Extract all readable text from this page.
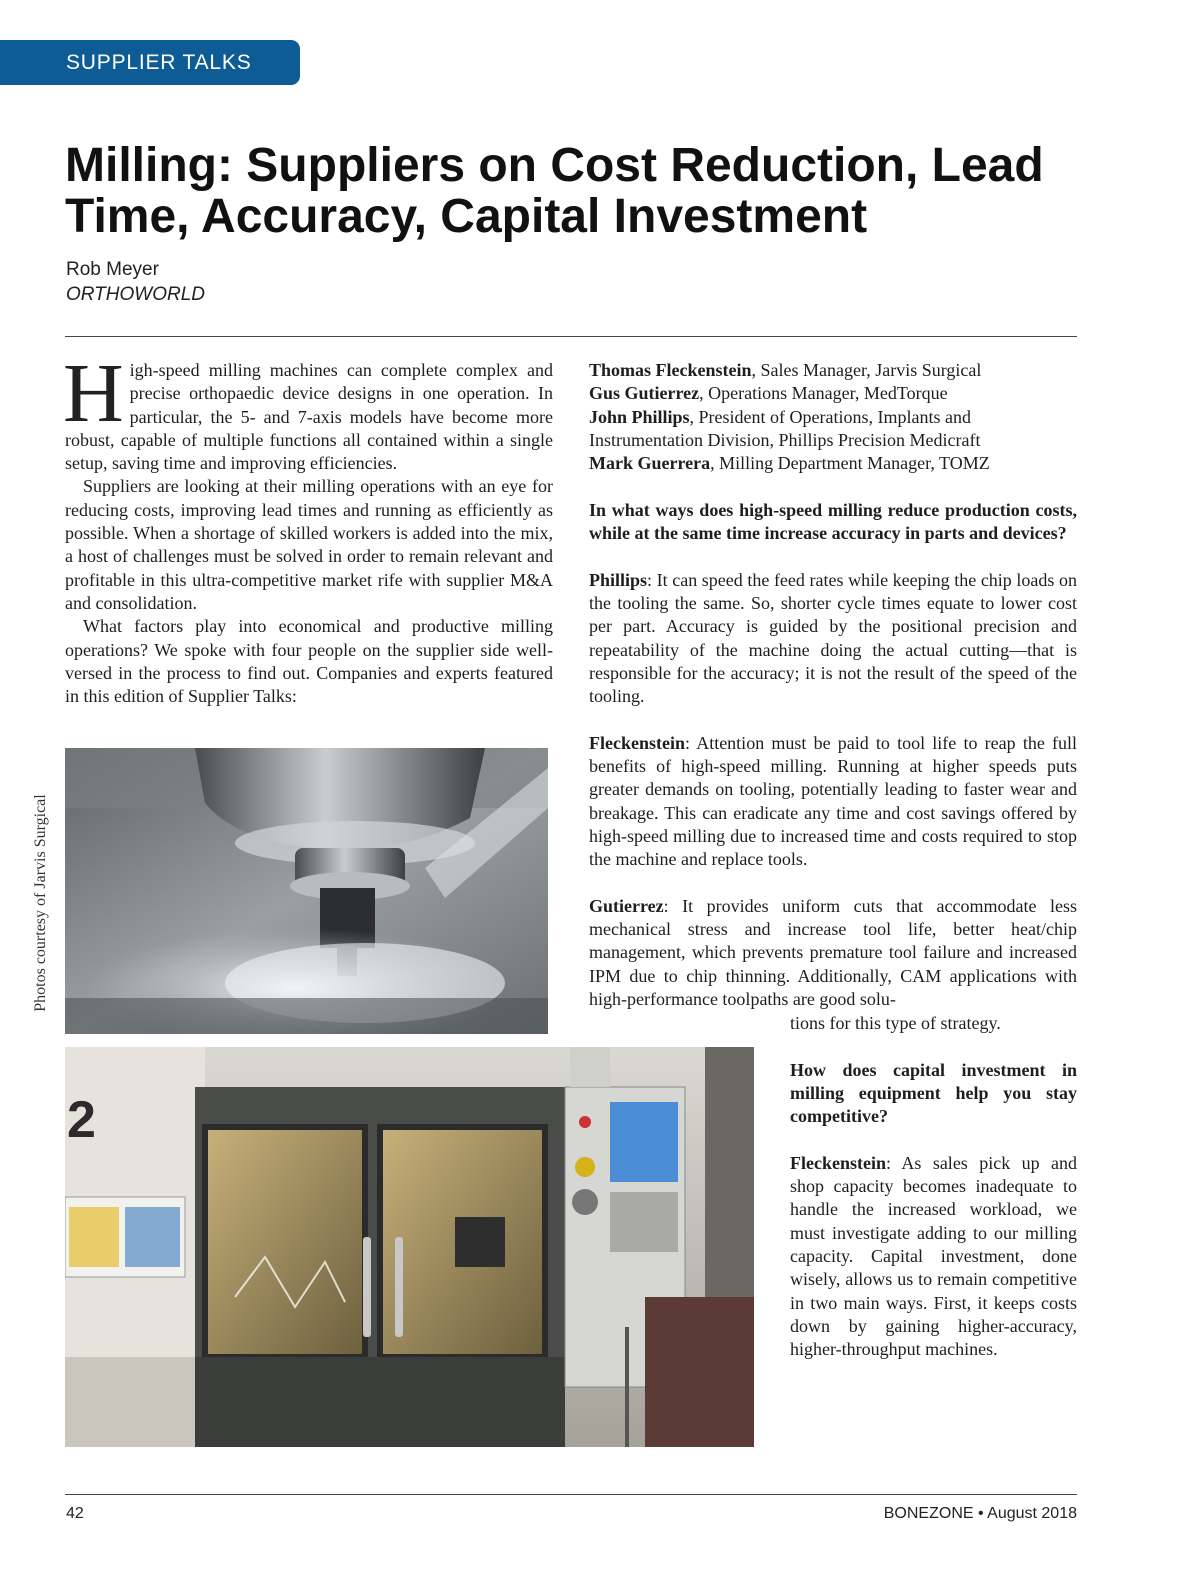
SUPPLIER TALKS
Milling: Suppliers on Cost Reduction, Lead Time, Accuracy, Capital Investment
Rob Meyer
ORTHOWORLD

High-speed milling machines can complete complex and precise orthopaedic device designs in one operation. In particular, the 5- and 7-axis models have become more robust, capable of multiple functions all contained within a single setup, saving time and improving efficiencies.

Suppliers are looking at their milling operations with an eye for reducing costs, improving lead times and running as efficiently as possible. When a shortage of skilled workers is added into the mix, a host of challenges must be solved in order to remain relevant and profitable in this ultra-competitive market rife with supplier M&A and consolidation.

What factors play into economical and productive milling operations? We spoke with four people on the supplier side well-versed in the process to find out. Companies and experts featured in this edition of Supplier Talks:

Thomas Fleckenstein, Sales Manager, Jarvis Surgical
Gus Gutierrez, Operations Manager, MedTorque
John Phillips, President of Operations, Implants and Instrumentation Division, Phillips Precision Medicraft
Mark Guerrera, Milling Department Manager, TOMZ

In what ways does high-speed milling reduce production costs, while at the same time increase accuracy in parts and devices?

Phillips: It can speed the feed rates while keeping the chip loads on the tooling the same. So, shorter cycle times equate to lower cost per part. Accuracy is guided by the positional precision and repeatability of the machine doing the actual cutting—that is responsible for the accuracy; it is not the result of the speed of the tooling.

Fleckenstein: Attention must be paid to tool life to reap the full benefits of high-speed milling. Running at higher speeds puts greater demands on tooling, potentially leading to faster wear and breakage. This can eradicate any time and cost savings offered by high-speed milling due to increased time and costs required to stop the machine and replace tools.

Gutierrez: It provides uniform cuts that accommodate less mechanical stress and increase tool life, better heat/chip management, which prevents premature tool failure and increased IPM due to chip thinning. Additionally, CAM applications with high-performance toolpaths are good solu-

tions for this type of strategy.

How does capital investment in milling equipment help you stay competitive?

Fleckenstein: As sales pick up and shop capacity becomes inadequate to handle the increased workload, we must investigate adding to our milling capacity. Capital investment, done wisely, allows us to remain competitive in two main ways. First, it keeps costs down by gaining higher-accuracy, higher-throughput machines.

Photos courtesy of Jarvis Surgical
2
42	BONEZONE • August 2018
